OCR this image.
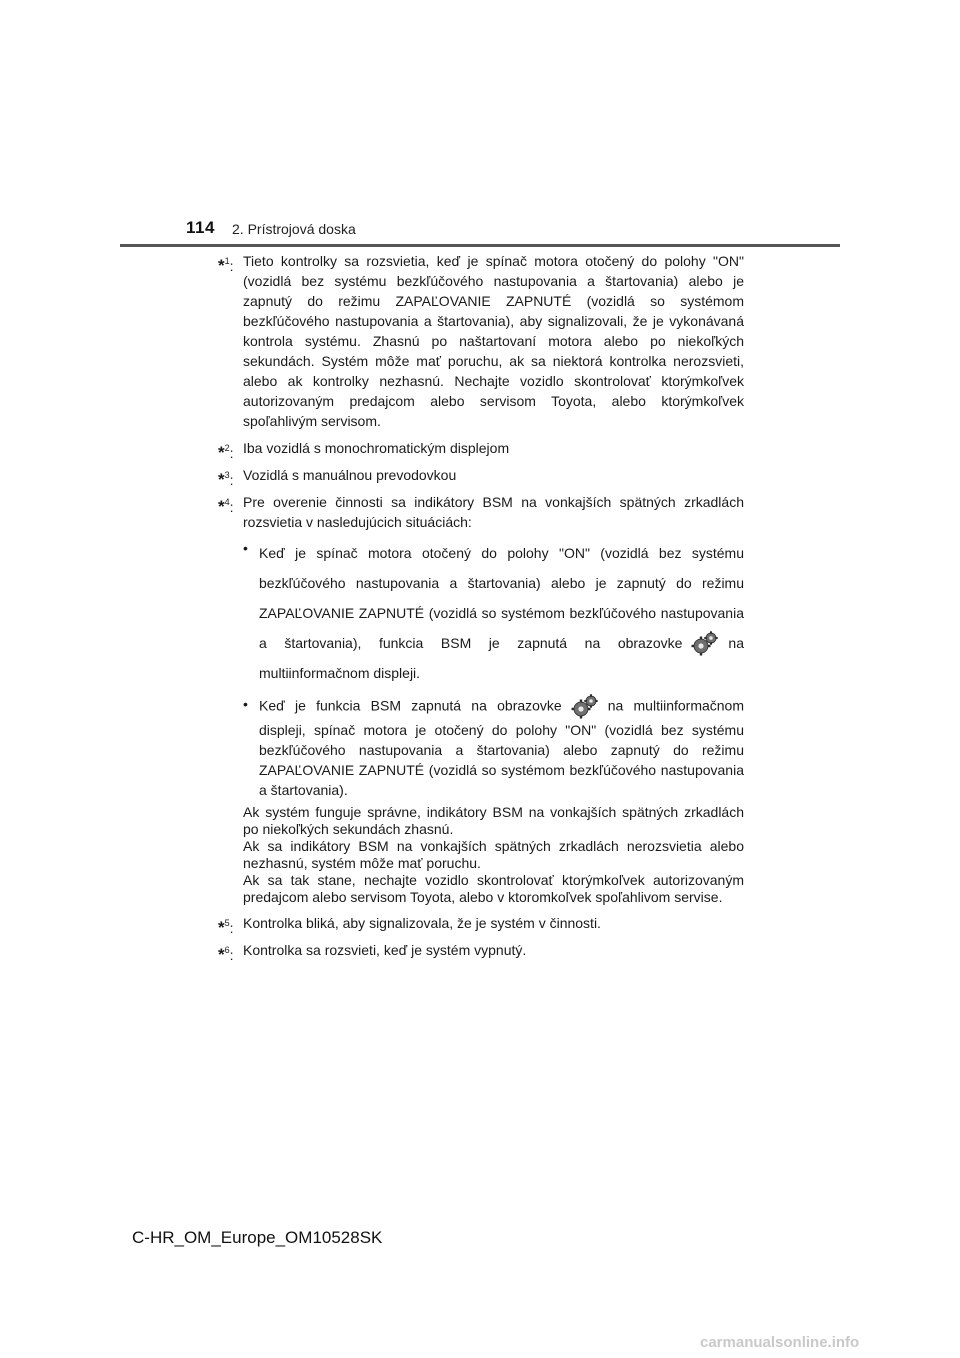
114 2. Prístrojová doska
*$^1$: Tieto kontrolky sa rozsvietia, keď je spínač motora otočený do polohy "ON" (vozidlá bez systému bezkľúčového nastupovania a štartovania) alebo je zapnutý do režimu ZAPAĽOVANIE ZAPNUTÉ (vozidlá so systémom bezkľúčového nastupovania a štartovania), aby signalizovali, že je vykonávaná kontrola systému. Zhasnú po naštartovaní motora alebo po niekoľkých sekundách. Systém môže mať poruchu, ak sa niektorá kontrolka nerozsvieti, alebo ak kontrolky nezhasnú. Nechajte vozidlo skontrolovať ktorýmkoľvek autorizovaným predajcom alebo servisom Toyota, alebo ktorýmkoľvek spoľahlivým servisom.
*$^2$: Iba vozidlá s monochromatickým displejom
*$^3$: Vozidlá s manuálnou prevodovkou
*$^4$: Pre overenie činnosti sa indikátory BSM na vonkajších spätných zrkadlách rozsvietia v nasledujúcich situáciách:
• Keď je spínač motora otočený do polohy "ON" (vozidlá bez systému bezkľúčového nastupovania a štartovania) alebo je zapnutý do režimu ZAPAĽOVANIE ZAPNUTÉ (vozidlá so systémom bezkľúčového nastupovania a štartovania), funkcia BSM je zapnutá na obrazovke	na multiinformačnom displeji.
• Keď je funkcia BSM zapnutá na obrazovke	na multiinformačnom displeji, spínač motora je otočený do polohy "ON" (vozidlá bez systému bezkľúčového nastupovania a štartovania) alebo zapnutý do režimu ZAPAĽOVANIE ZAPNUTÉ (vozidlá so systémom bezkľúčového nastupovania a štartovania).

Ak systém funguje správne, indikátory BSM na vonkajších spätných zrkadlách po niekoľkých sekundách zhasnú.

Ak sa indikátory BSM na vonkajších spätných zrkadlách nerozsvietia alebo nezhasnú, systém môže mať poruchu.

Ak sa tak stane, nechajte vozidlo skontrolovať ktorýmkoľvek autorizovaným predajcom alebo servisom Toyota, alebo v ktoromkoľvek spoľahlivom servise.

*$^5$: Kontrolka bliká, aby signalizovala, že je systém v činnosti.
*$^6$: Kontrolka sa rozsvieti, keď je systém vypnutý.
C-HR_OM_Europe_OM10528SK
carmanualsonline.info
